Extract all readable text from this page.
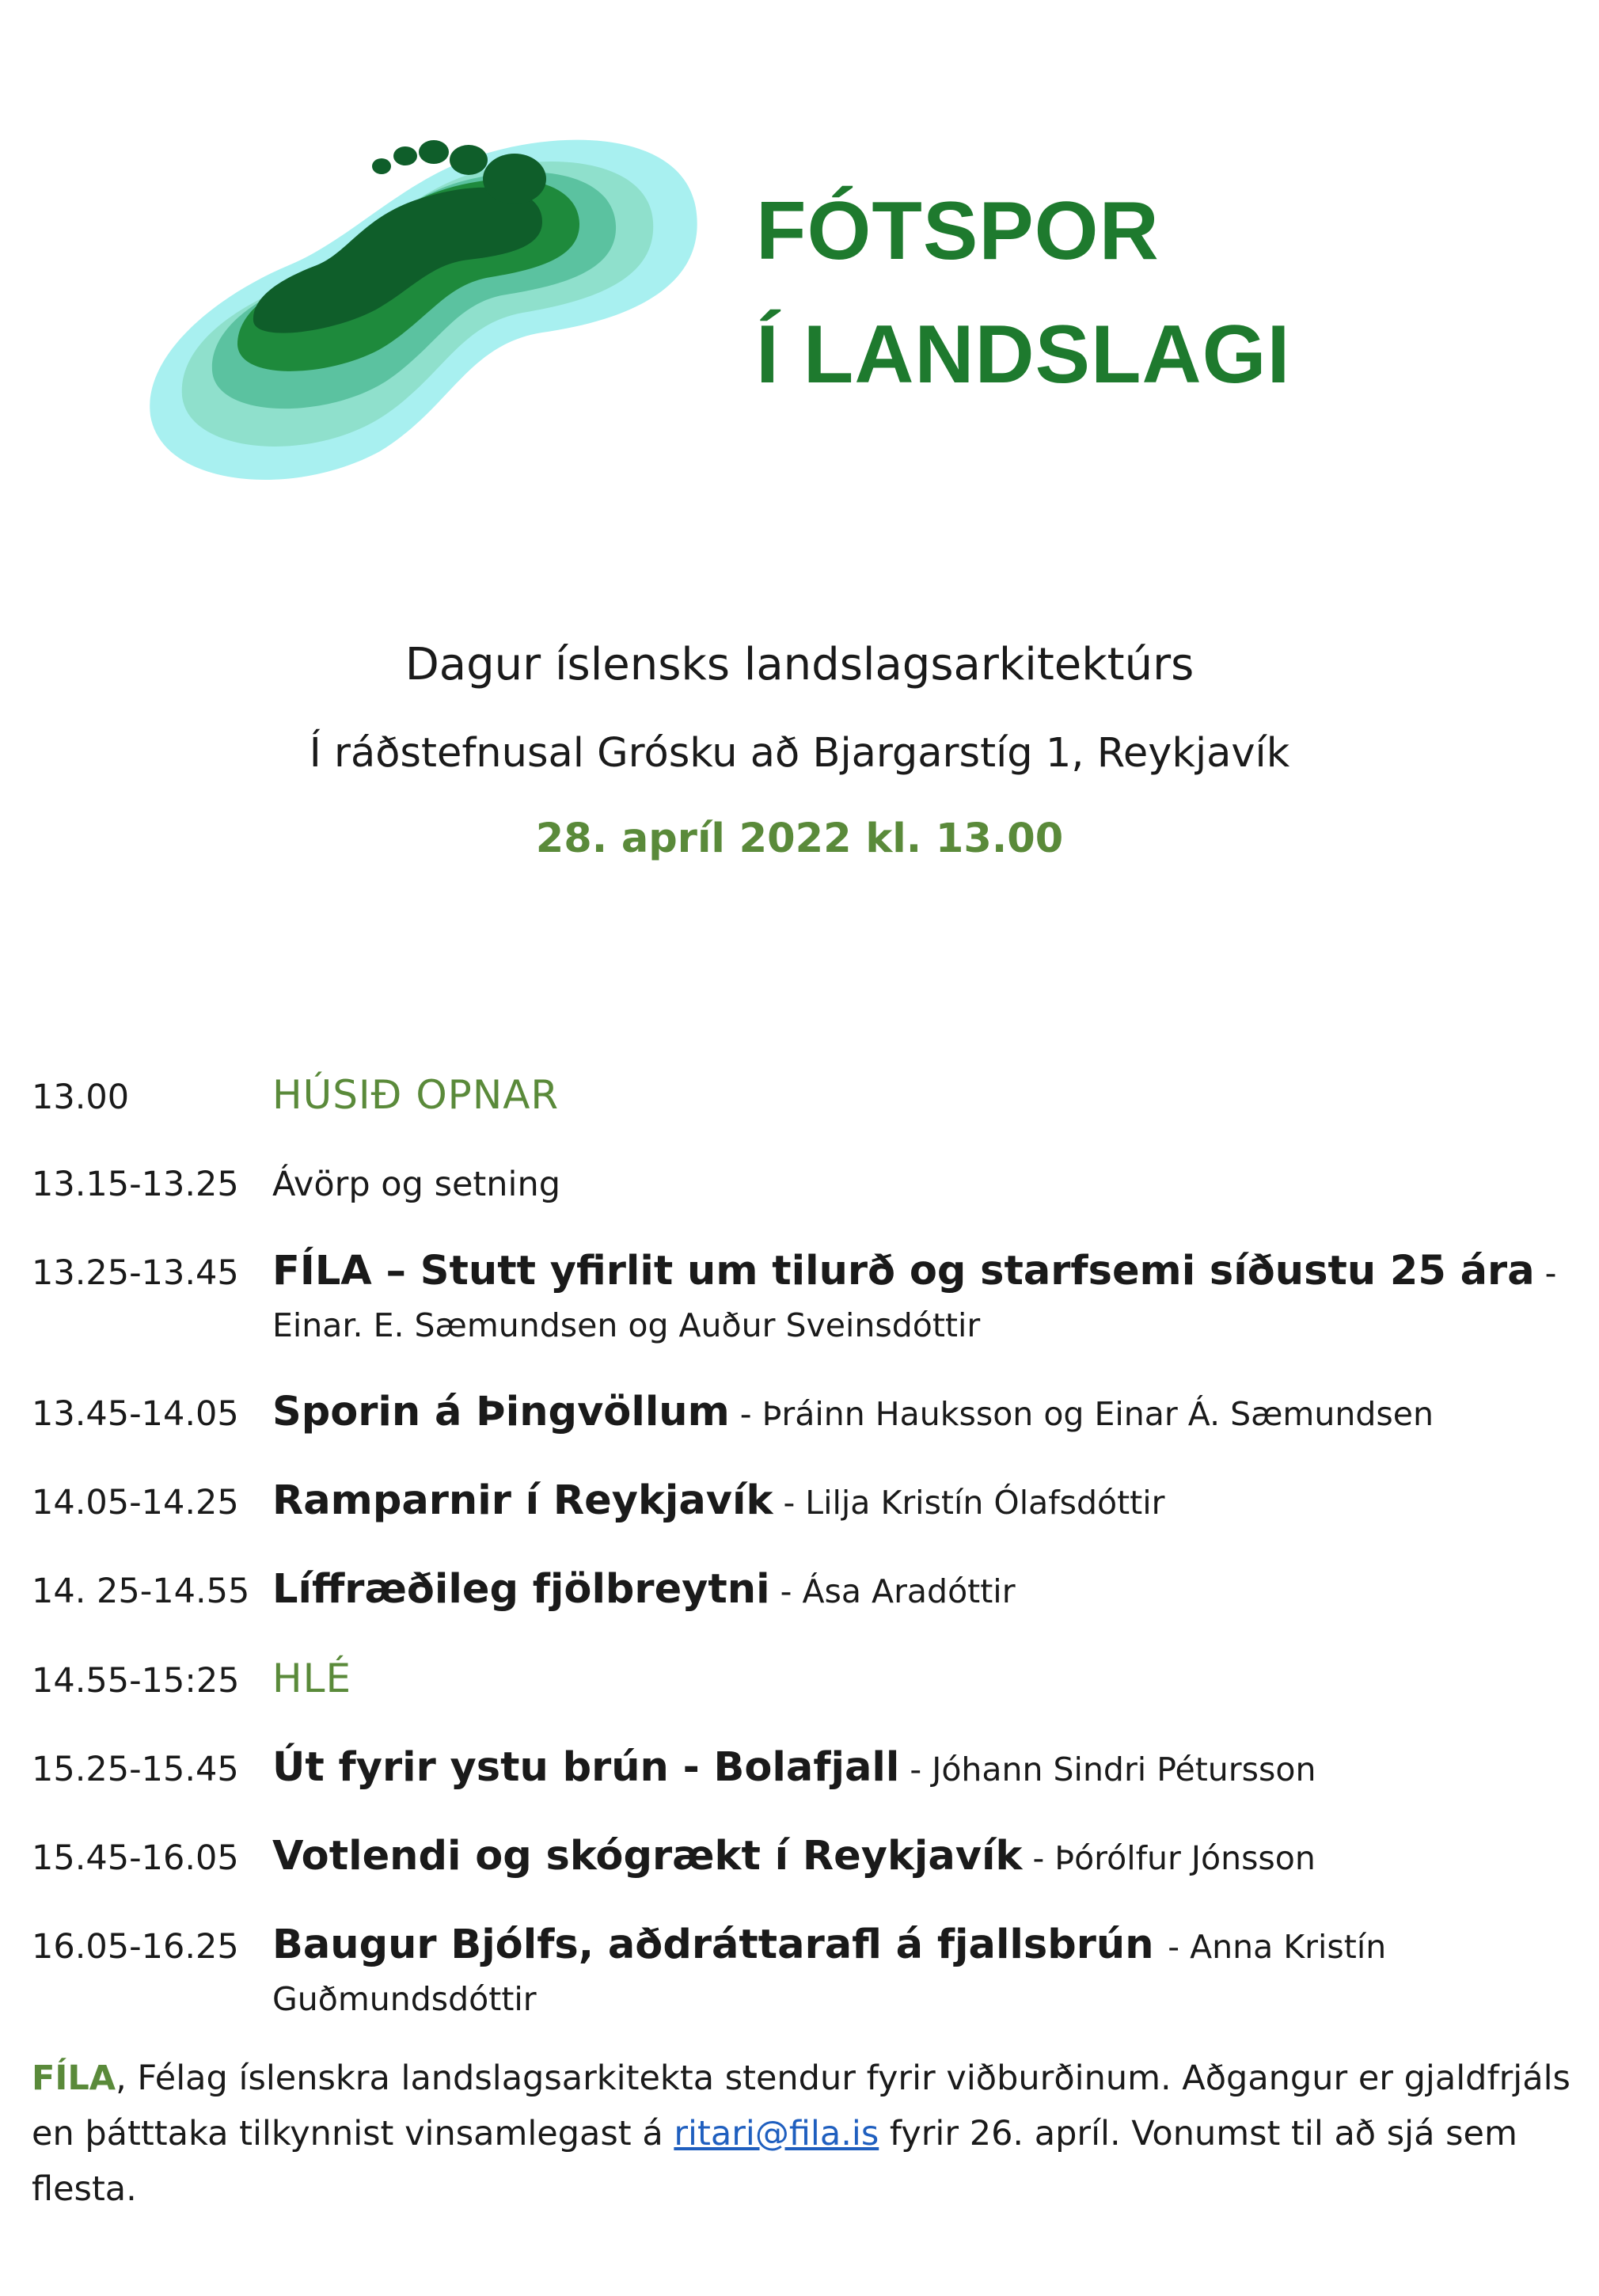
FÓTSPOR
Í LANDSLAGI

Dagur íslensks landslagsarkitektúrs

Í ráðstefnusal Grósku að Bjargarstíg 1, Reykjavík

28. apríl 2022 kl. 13.00

13.00	HÚSIÐ OPNAR
13.15-13.25 Ávörp og setning
13.25-13.45 FÍLA – Stutt yfirlit um tilurð og starfsemi síðustu 25 ára - Einar. E. Sæmundsen og Auður Sveinsdóttir
13.45-14.05 Sporin á Þingvöllum - Þráinn Hauksson og Einar Á. Sæmundsen
14.05-14.25 Ramparnir í Reykjavík - Lilja Kristín Ólafsdóttir
14. 25-14.55 Líffræðileg fjölbreytni - Ása Aradóttir
14.55-15:25 HLÉ
15.25-15.45 Út fyrir ystu brún - Bolafjall - Jóhann Sindri Pétursson
15.45-16.05 Votlendi og skógrækt í Reykjavík - Þórólfur Jónsson
16.05-16.25 Baugur Bjólfs, aðdráttarafl á fjallsbrún - Anna Kristín Guðmundsdóttir
FÍLA, Félag íslenskra landslagsarkitekta stendur fyrir viðburðinum. Aðgangur er gjaldfrjáls en þátttaka tilkynnist vinsamlegast á ritari@fila.is fyrir 26. apríl. Vonumst til að sjá sem flesta.
